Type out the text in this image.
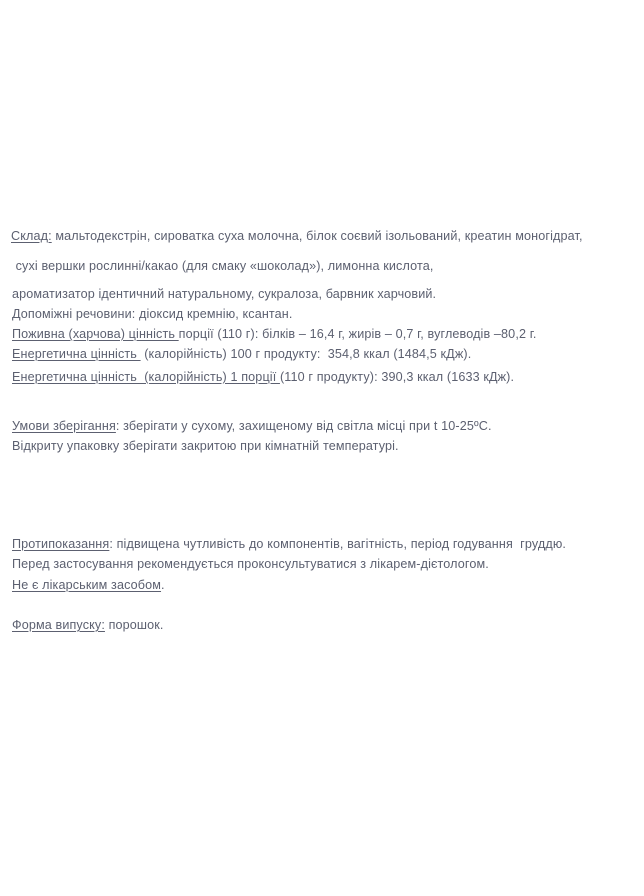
Склад: мальтодекстрін, сироватка суха молочна, білок соєвий ізольований, креатин моногідрат,
сухі вершки рослинні/какао (для смаку «шоколад»), лимонна кислота,
ароматизатор ідентичний натуральному, сукралоза, барвник харчовий.
Допоміжні речовини: діоксид кремнію, ксантан.
Поживна (харчова) цінність порції (110 г): білків – 16,4 г, жирів – 0,7 г, вуглеводів –80,2 г.
Енергетична цінність  (калорійність) 100 г продукту:  354,8 ккал (1484,5 кДж).
Енергетична цінність  (калорійність) 1 порції (110 г продукту): 390,3 ккал (1633 кДж).
Умови зберігання: зберігати у сухому, захищеному від світла місці при t 10-25ºC.
Відкриту упаковку зберігати закритою при кімнатній температурі.
Протипоказання: підвищена чутливість до компонентів, вагітність, період годування  груддю.
Перед застосування рекомендується проконсультуватися з лікарем-дієтологом.
Не є лікарським засобом.
Форма випуску: порошок.
